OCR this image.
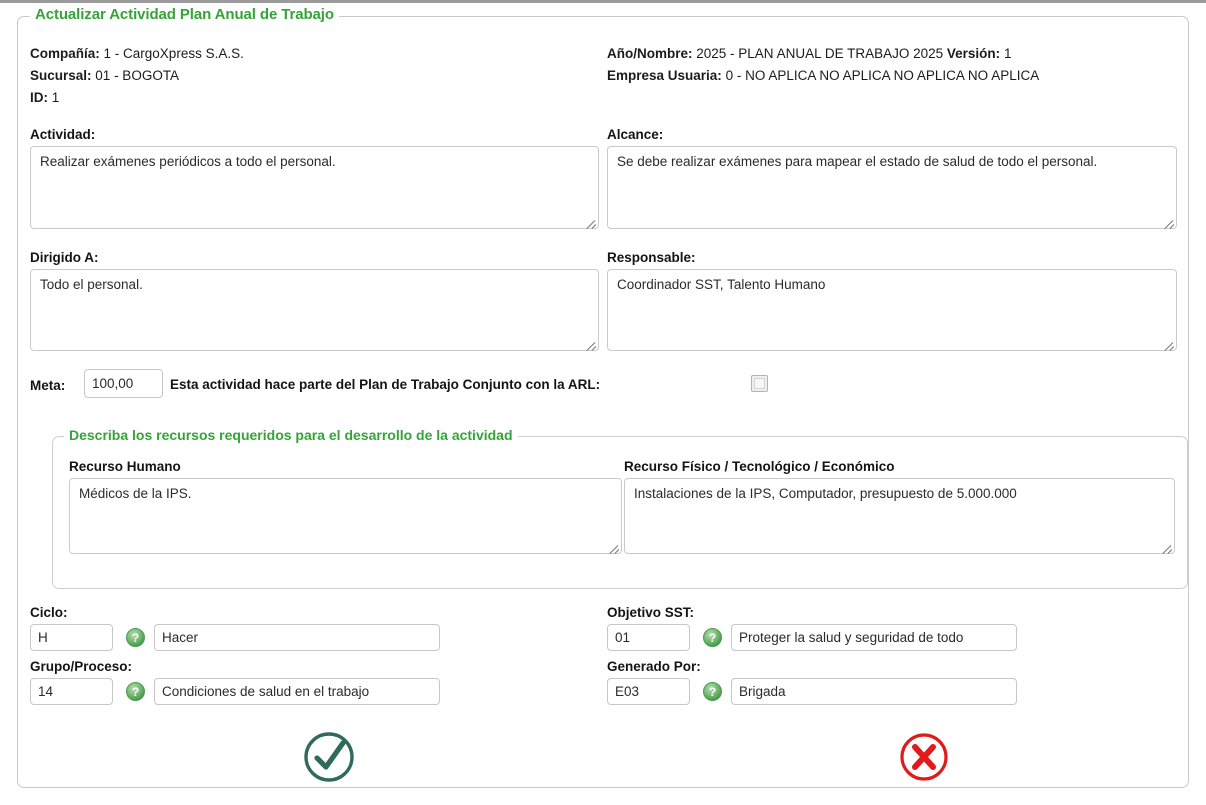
Actualizar Actividad Plan Anual de Trabajo
Compañía: 1 - CargoXpress S.A.S.
Sucursal: 01 - BOGOTA
ID: 1
Año/Nombre: 2025 - PLAN ANUAL DE TRABAJO 2025 Versión: 1
Empresa Usuaria: 0 - NO APLICA NO APLICA NO APLICA NO APLICA
Actividad:
Realizar exámenes periódicos a todo el personal.	Alcance:
Se debe realizar exámenes para mapear el estado de salud de todo el personal.
Dirigido A:
Todo el personal.	Responsable:
Coordinador SST, Talento Humano
Meta:
100,00	Esta actividad hace parte del Plan de Trabajo Conjunto con la ARL:
Describa los recursos requeridos para el desarrollo de la actividad
Recurso Humano
Médicos de la IPS.	Recurso Físico / Tecnológico / Económico
Instalaciones de la IPS, Computador, presupuesto de 5.000.000
Ciclo:
H
?
Hacer
Grupo/Proceso:
14
?
Condiciones de salud en el trabajo
Objetivo SST:
01
?
Proteger la salud y seguridad de todo
Generado Por:
E03
?
Brigada
